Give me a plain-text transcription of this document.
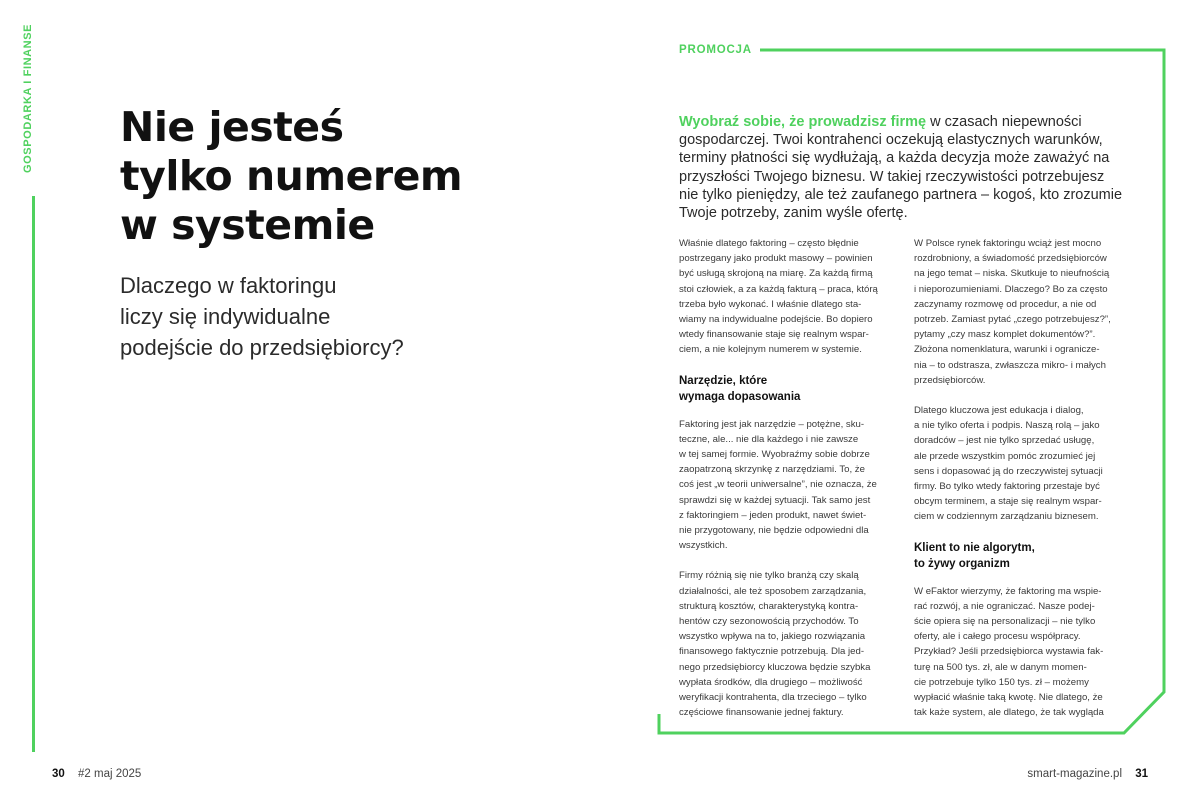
GOSPODARKA I FINANSE Nie jesteś
tylko numerem
w systemie
Dlaczego w faktoringu
liczy się indywidualne
podejście do przedsiębiorcy?
30 #2 maj 2025
PROMOCJA

Wyobraź sobie, że prowadzisz firmę w czasach niepewności
gospodarczej. Twoi kontrahenci oczekują elastycznych warunków,
terminy płatności się wydłużają, a każda decyzja może zaważyć na
przyszłości Twojego biznesu. W takiej rzeczywistości potrzebujesz
nie tylko pieniędzy, ale też zaufanego partnera – kogoś, kto zrozumie
Twoje potrzeby, zanim wyśle ofertę.

Właśnie dlatego faktoring – często błędnie
postrzegany jako produkt masowy – powinien
być usługą skrojoną na miarę. Za każdą firmą
stoi człowiek, a za każdą fakturą – praca, którą
trzeba było wykonać. I właśnie dlatego sta-
wiamy na indywidualne podejście. Bo dopiero
wtedy finansowanie staje się realnym wspar-
ciem, a nie kolejnym numerem w systemie.

Narzędzie, które
wymaga dopasowania

Faktoring jest jak narzędzie – potężne, sku-
teczne, ale... nie dla każdego i nie zawsze
w tej samej formie. Wyobraźmy sobie dobrze
zaopatrzoną skrzynkę z narzędziami. To, że
coś jest „w teorii uniwersalne”, nie oznacza, że
sprawdzi się w każdej sytuacji. Tak samo jest
z faktoringiem – jeden produkt, nawet świet-
nie przygotowany, nie będzie odpowiedni dla
wszystkich.

Firmy różnią się nie tylko branżą czy skalą
działalności, ale też sposobem zarządzania,
strukturą kosztów, charakterystyką kontra-
hentów czy sezonowością przychodów. To
wszystko wpływa na to, jakiego rozwiązania
finansowego faktycznie potrzebują. Dla jed-
nego przedsiębiorcy kluczowa będzie szybka
wypłata środków, dla drugiego – możliwość
weryfikacji kontrahenta, dla trzeciego – tylko
częściowe finansowanie jednej faktury.

W Polsce rynek faktoringu wciąż jest mocno
rozdrobniony, a świadomość przedsiębiorców
na jego temat – niska. Skutkuje to nieufnością
i nieporozumieniami. Dlaczego? Bo za często
zaczynamy rozmowę od procedur, a nie od
potrzeb. Zamiast pytać „czego potrzebujesz?”,
pytamy „czy masz komplet dokumentów?”.
Złożona nomenklatura, warunki i ogranicze-
nia – to odstrasza, zwłaszcza mikro- i małych
przedsiębiorców.

Dlatego kluczowa jest edukacja i dialog,
a nie tylko oferta i podpis. Naszą rolą – jako
doradców – jest nie tylko sprzedać usługę,
ale przede wszystkim pomóc zrozumieć jej
sens i dopasować ją do rzeczywistej sytuacji
firmy. Bo tylko wtedy faktoring przestaje być
obcym terminem, a staje się realnym wspar-
ciem w codziennym zarządzaniu biznesem.

Klient to nie algorytm,
to żywy organizm

W eFaktor wierzymy, że faktoring ma wspie-
rać rozwój, a nie ograniczać. Nasze podej-
ście opiera się na personalizacji – nie tylko
oferty, ale i całego procesu współpracy.
Przykład? Jeśli przedsiębiorca wystawia fak-
turę na 500 tys. zł, ale w danym momen-
cie potrzebuje tylko 150 tys. zł – możemy
wypłacić właśnie taką kwotę. Nie dlatego, że
tak każe system, ale dlatego, że tak wygląda

smart-magazine.pl 31
